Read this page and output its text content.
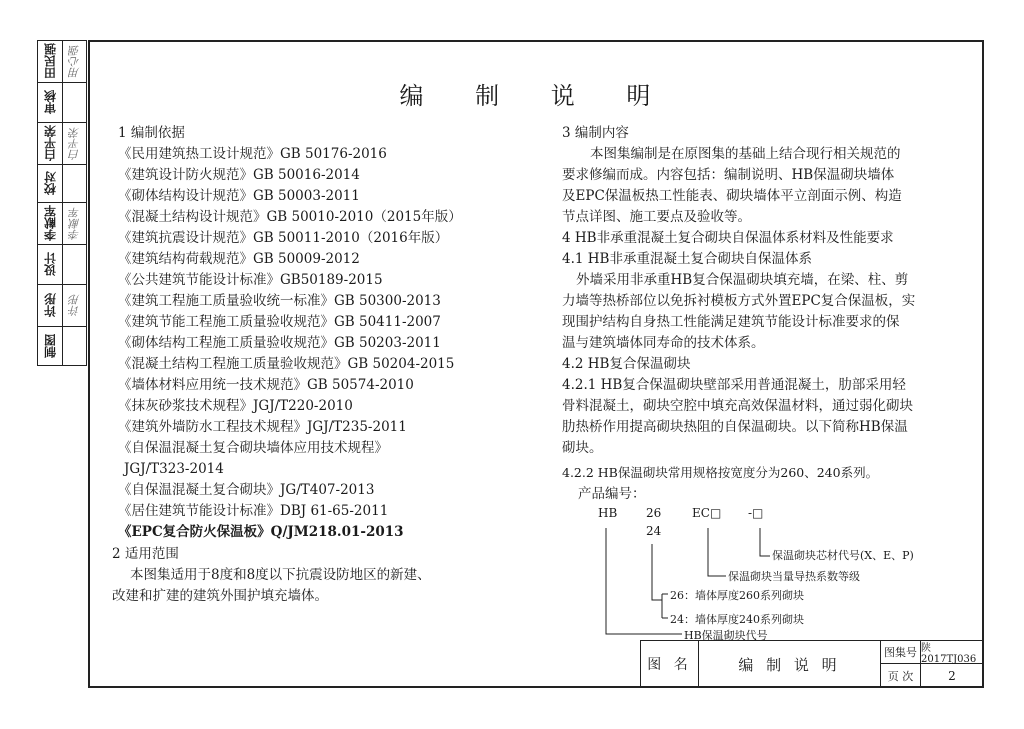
田民强 用心强
审核
白平荣 白平荣
校对
李献军 李献军
设计
许彤 许彤
制图
编 制 说 明
1 编制依据
《民用建筑热工设计规范》GB 50176-2016
《建筑设计防火规范》GB 50016-2014
《砌体结构设计规范》GB 50003-2011
《混凝土结构设计规范》GB 50010-2010（2015年版）
《建筑抗震设计规范》GB 50011-2010（2016年版）
《建筑结构荷载规范》GB 50009-2012
《公共建筑节能设计标准》GB50189-2015
《建筑工程施工质量验收统一标准》GB 50300-2013
《建筑节能工程施工质量验收规范》GB 50411-2007
《砌体结构工程施工质量验收规范》GB 50203-2011
《混凝土结构工程施工质量验收规范》GB 50204-2015
《墙体材料应用统一技术规范》GB 50574-2010
《抹灰砂浆技术规程》JGJ/T220-2010
《建筑外墙防水工程技术规程》JGJ/T235-2011
《自保温混凝土复合砌块墙体应用技术规程》
JGJ/T323-2014
《自保温混凝土复合砌块》JG/T407-2013
《居住建筑节能设计标准》DBJ 61-65-2011
《EPC复合防火保温板》Q/JM218.01-2013
2 适用范围
本图集适用于8度和8度以下抗震设防地区的新建、
改建和扩建的建筑外围护填充墙体。
3 编制内容
本图集编制是在原图集的基础上结合现行相关规范的
要求修编而成。内容包括：编制说明、HB保温砌块墙体
及EPC保温板热工性能表、砌块墙体平立剖面示例、构造
节点详图、施工要点及验收等。
4 HB非承重混凝土复合砌块自保温体系材料及性能要求
4.1 HB非承重混凝土复合砌块自保温体系
外墙采用非承重HB复合保温砌块填充墙，在梁、柱、剪
力墙等热桥部位以免拆衬模板方式外置EPC复合保温板，实
现围护结构自身热工性能满足建筑节能设计标准要求的保
温与建筑墙体同寿命的技术体系。
4.2 HB复合保温砌块
4.2.1 HB复合保温砌块壁部采用普通混凝土，肋部采用轻
骨料混凝土，砌块空腔中填充高效保温材料，通过弱化砌块
肋热桥作用提高砌块热阻的自保温砌块。以下简称HB保温
砌块。
4.2.2 HB保温砌块常用规格按宽度分为260、240系列。
产品编号：
HB 26
24
EC□ -□
保温砌块芯材代号(X、E、P)
保温砌块当量导热系数等级
26：墙体厚度260系列砌块
24：墙体厚度240系列砌块
HB保温砌块代号
图 名	编 制 说 明
图集号 陕2017TJ036
页 次	2
